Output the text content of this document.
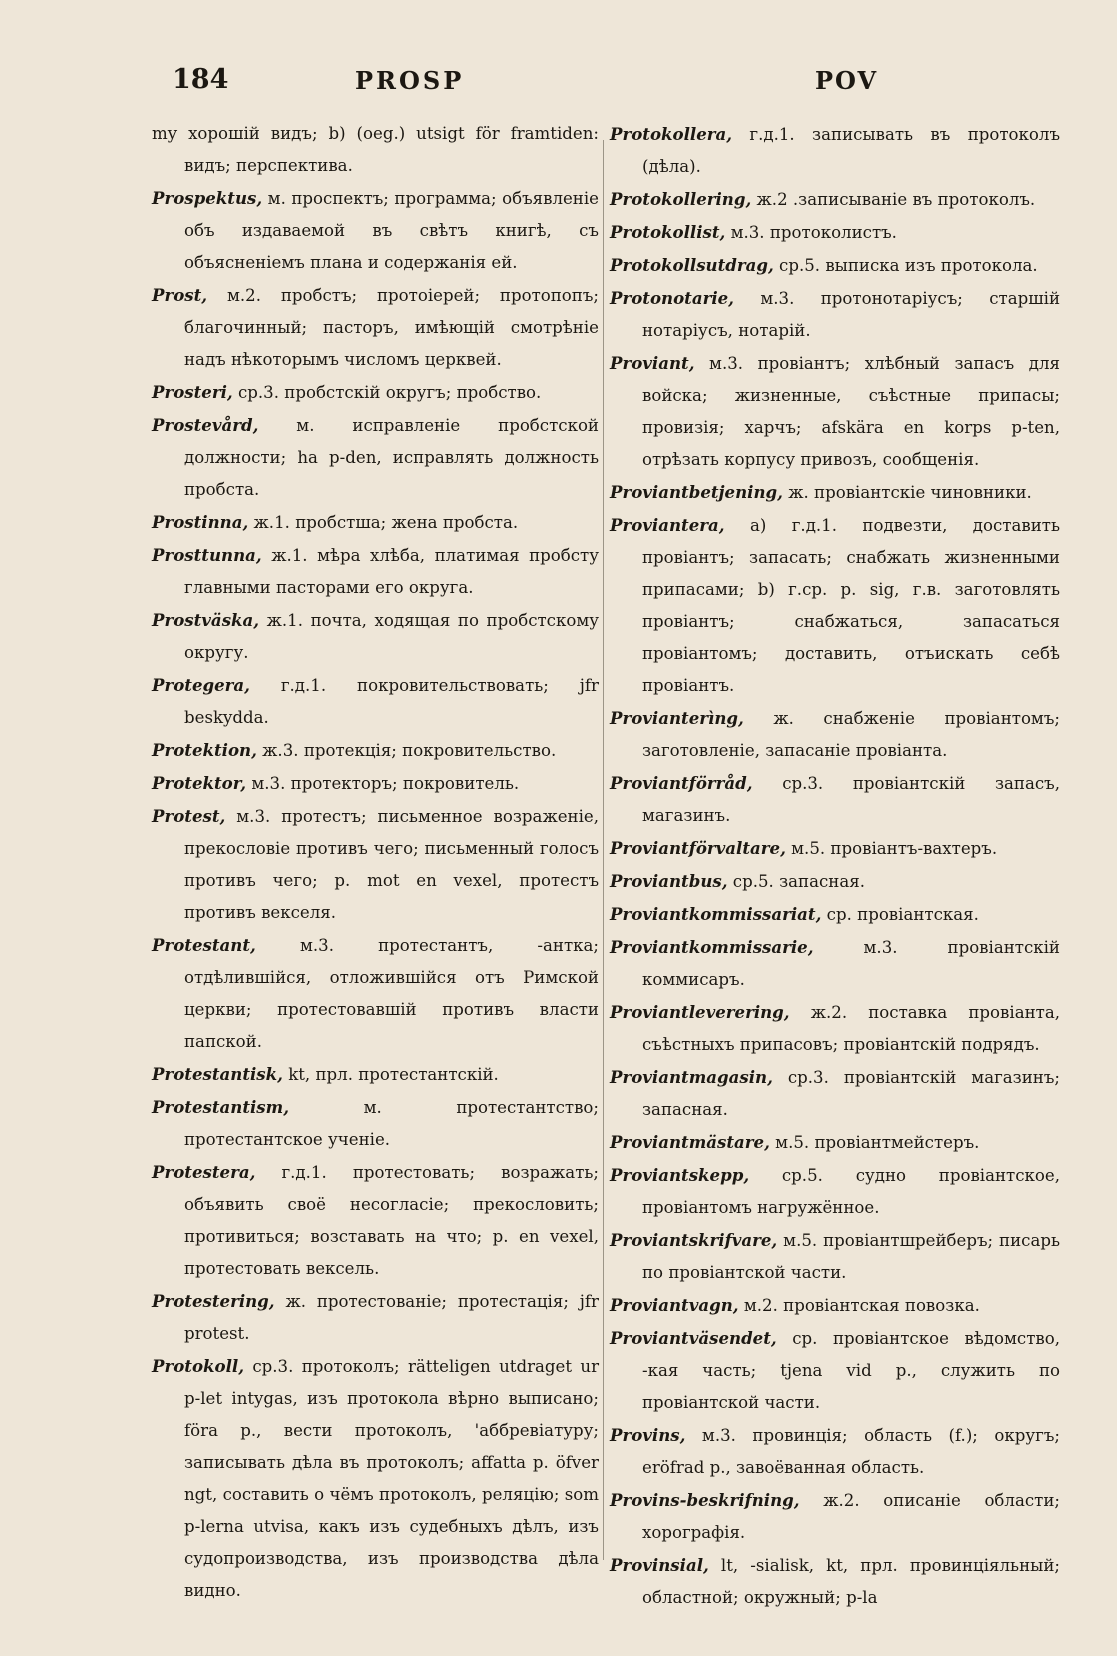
184	PROSP	POV

my хорошій видъ; b) (oeg.) utsigt för framtiden: видъ; перспектива.

Prospektus, м. проспектъ; программа; объявленіе объ издаваемой въ свѣтъ книгѣ, съ объясненіемъ плана и содержанія ей.

Prost, м.2. пробстъ; протоіерей; протопопъ; благочинный; пасторъ, имѣющій смотрѣніе надъ нѣкоторымъ числомъ церквей.

Prosteri, ср.3. пробстскій округъ; пробство.

Prostevård, м. исправленіе пробстской должности; ha p-den, исправлять должность пробста.

Prostinna, ж.1. пробстша; жена пробста.

Prosttunna, ж.1. мѣра хлѣба, платимая пробсту главными пасторами его округа.

Prostväska, ж.1. почта, ходящая по пробстскому округу.

Protegera, г.д.1. покровительствовать; jfr beskydda.

Protektion, ж.3. протекція; покровительство.

Protektor, м.3. протекторъ; покровитель.

Protest, м.3. протестъ; письменное возраженіе, прекословіе противъ чего; письменный голосъ противъ чего; p. mot en vexel, протестъ противъ векселя.

Protestant,	м.3. протестантъ, -антка; отдѣлившійся, отложившійся отъ Римской церкви; протестовавшій противъ власти папской.

Protestantisk, kt, прл. протестантскій.

Protestantism,	м. протестантство; протестантское ученіе.

Protestera, г.д.1. протестовать; возражать; объявить своё несогласіе; прекословить; противиться; возставать на что; p. en vexel, протестовать вексель.

Protestering, ж. протестованіе; протестація; jfr protest.

Protokoll, ср.3. протоколъ; rätteligen utdraget ur p-let intygas, изъ протокола вѣрно выписано; föra p., вести протоколъ, 'аббревіатуру; записывать дѣла въ протоколъ; affatta p. öfver ngt, составить о чёмъ протоколъ, реляцію; som p-lerna utvisa, какъ изъ судебныхъ дѣлъ, изъ судопроизводства, изъ производства дѣла видно.

Protokollera, г.д.1. записывать въ протоколъ (дѣла).

Protokollering, ж.2 .записываніе въ протоколъ.

Protokollist, м.3. протоколистъ.

Protokollsutdrag, ср.5. выписка изъ протокола.

Protonotarie, м.3. протонотаріусъ; старшій нотаріусъ, нотарій.

Proviant, м.3. провіантъ; хлѣбный запасъ для войска; жизненные, съѣстные припасы; провизія; харчъ; afskära en korps p-ten, отрѣзать корпусу привозъ, сообщенія.

Proviantbetjening, ж. провіантскіе чиновники.

Proviantera, a) г.д.1. подвезти, доставить провіантъ; запасать; снабжать жизненными припасами; b) г.ср. p. sig, г.в. заготовлять провіантъ; снабжаться, запасаться провіантомъ; доставить, отъискать себѣ провіантъ.

Provianterìng, ж. снабженіе провіантомъ; заготовленіе, запасаніе провіанта.

Proviantförråd, ср.3. провіантскій запасъ, магазинъ.

Proviantförvaltare, м.5. провіантъ-вахтеръ.

Proviantbus, ср.5. запасная.

Proviantkommissariat, ср. провіантская.

Proviantkommissarie,	м.3. провіантскій коммисаръ.

Proviantleverering, ж.2. поставка провіанта, съѣстныхъ припасовъ; провіантскій подрядъ.

Proviantmagasin, ср.3. провіантскій магазинъ; запасная.

Proviantmästare, м.5. провіантмейстеръ.

Proviantskepp, ср.5. судно провіантское, провіантомъ нагружённое.

Proviantskrifvare, м.5. провіантшрейберъ; писарь по провіантской части.

Proviantvagn, м.2. провіантская повозка.

Proviantväsendet, ср. провіантское вѣдомство, -кая часть; tjena vid p., служить по провіантской части.

Provins, м.3. провинція; область (f.); округъ; eröfrad p., завоёванная область.

Provins-beskrifning, ж.2. описаніе области; хорографія.

Provinsial, lt, -sialisk, kt, прл. провинціяльный; областной; окружный; p-la
